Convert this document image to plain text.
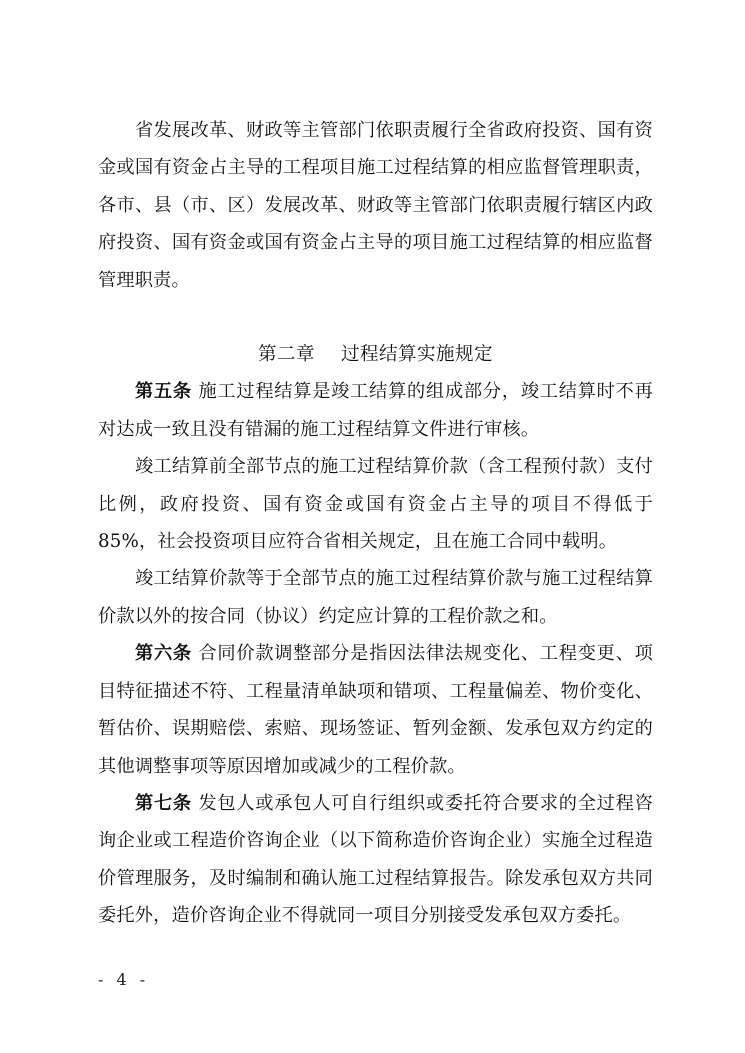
省发展改革、财政等主管部门依职责履行全省政府投资、国有资金或国有资金占主导的工程项目施工过程结算的相应监督管理职责，各市、县（市、区）发展改革、财政等主管部门依职责履行辖区内政府投资、国有资金或国有资金占主导的项目施工过程结算的相应监督管理职责。

第二章 过程结算实施规定

第五条 施工过程结算是竣工结算的组成部分，竣工结算时不再对达成一致且没有错漏的施工过程结算文件进行审核。

竣工结算前全部节点的施工过程结算价款（含工程预付款）支付比例，政府投资、国有资金或国有资金占主导的项目不得低于 85%，社会投资项目应符合省相关规定，且在施工合同中载明。

竣工结算价款等于全部节点的施工过程结算价款与施工过程结算价款以外的按合同（协议）约定应计算的工程价款之和。

第六条 合同价款调整部分是指因法律法规变化、工程变更、项目特征描述不符、工程量清单缺项和错项、工程量偏差、物价变化、暂估价、误期赔偿、索赔、现场签证、暂列金额、发承包双方约定的其他调整事项等原因增加或减少的工程价款。

第七条 发包人或承包人可自行组织或委托符合要求的全过程咨询企业或工程造价咨询企业（以下简称造价咨询企业）实施全过程造价管理服务，及时编制和确认施工过程结算报告。除发承包双方共同委托外，造价咨询企业不得就同一项目分别接受发承包双方委托。

- 4 -
